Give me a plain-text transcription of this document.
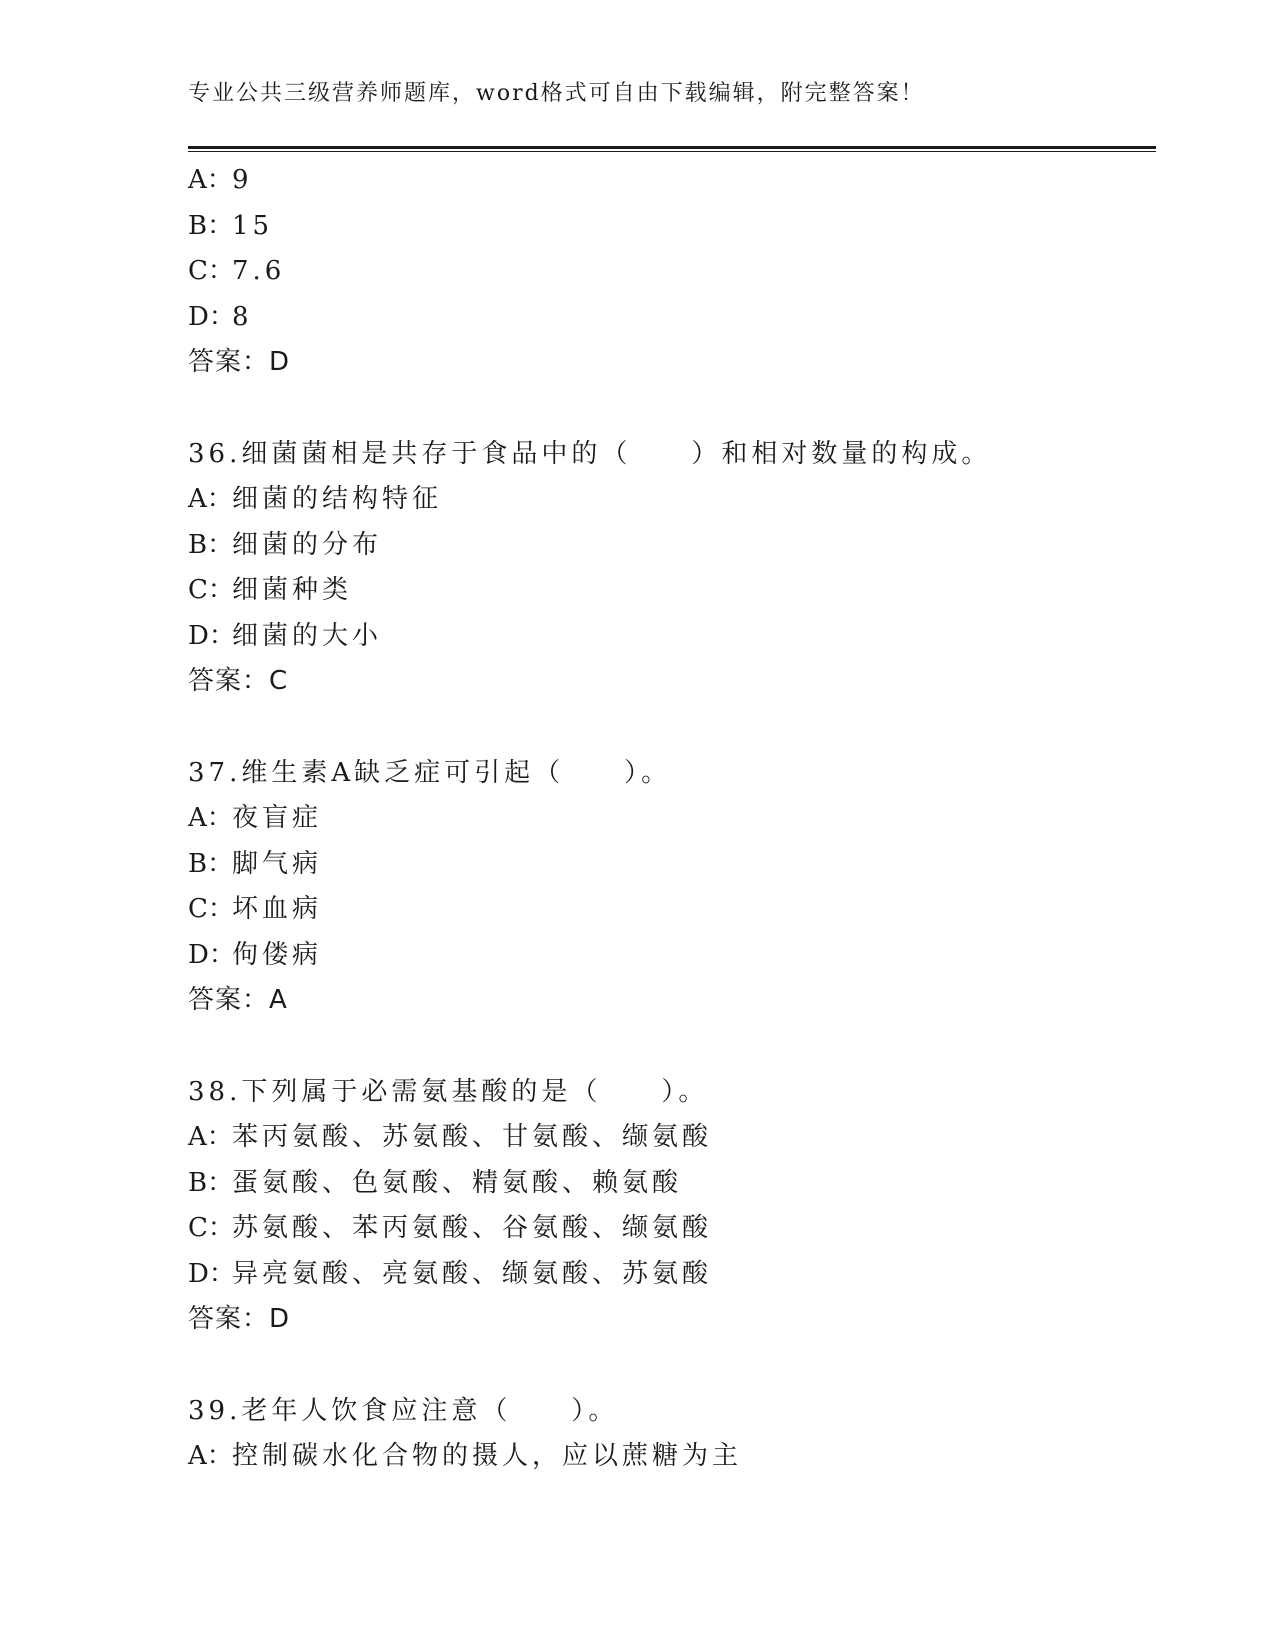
专业公共三级营养师题库，word格式可自由下载编辑，附完整答案！
A：9
B：15
C：7.6
D：8
答案：D
36.细菌菌相是共存于食品中的（　　）和相对数量的构成。
A：细菌的结构特征
B：细菌的分布
C：细菌种类
D：细菌的大小
答案：C
37.维生素A缺乏症可引起（　　）。
A：夜盲症
B：脚气病
C：坏血病
D：佝偻病
答案：A
38.下列属于必需氨基酸的是（　　）。
A：苯丙氨酸、苏氨酸、甘氨酸、缬氨酸
B：蛋氨酸、色氨酸、精氨酸、赖氨酸
C：苏氨酸、苯丙氨酸、谷氨酸、缬氨酸
D：异亮氨酸、亮氨酸、缬氨酸、苏氨酸
答案：D
39.老年人饮食应注意（　　）。
A：控制碳水化合物的摄人，应以蔗糖为主
